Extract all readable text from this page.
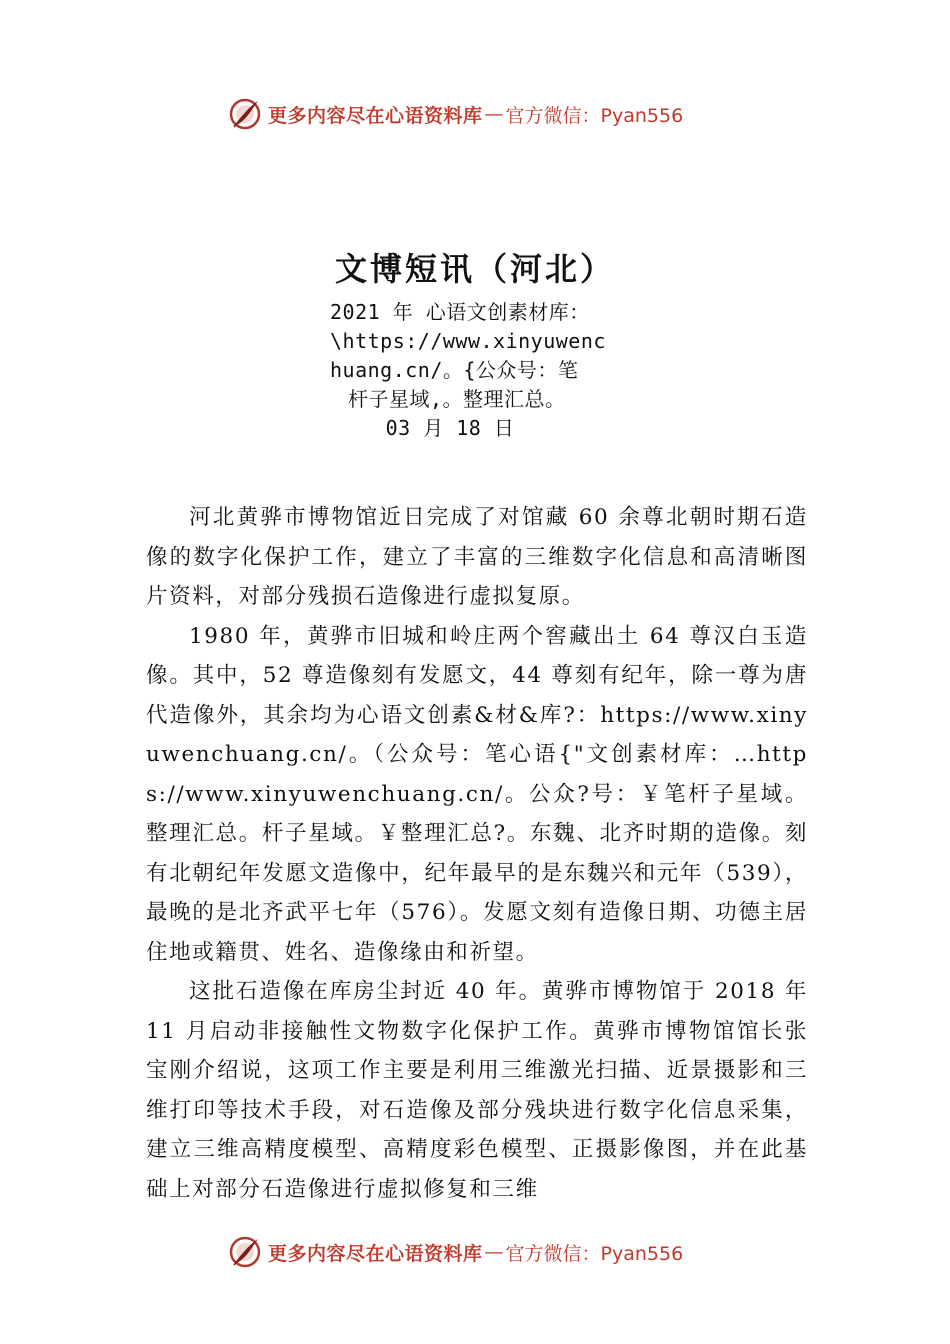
更多内容尽在心语资料库 — 官方微信：Pyan556
文博短讯（河北）
2021 年 心语文创素材库：
\https://www.xinyuwenc
huang.cn/。{公众号：笔
杆子星域,。整理汇总。
03 月 18 日

河北黄骅市博物馆近日完成了对馆藏 60 余尊北朝时期石造像的数字化保护工作，建立了丰富的三维数字化信息和高清晰图片资料，对部分残损石造像进行虚拟复原。

1980 年，黄骅市旧城和岭庄两个窖藏出土 64 尊汉白玉造像。其中，52 尊造像刻有发愿文，44 尊刻有纪年，除一尊为唐代造像外，其余均为心语文创素&材&库?：https://www.xinyuwenchuang.cn/。（公众号：笔心语{"文创素材库：…https://www.xinyuwenchuang.cn/。公众?号：￥笔杆子星域。整理汇总。杆子星域。￥整理汇总?。东魏、北齐时期的造像。刻有北朝纪年发愿文造像中，纪年最早的是东魏兴和元年（539），最晚的是北齐武平七年（576）。发愿文刻有造像日期、功德主居住地或籍贯、姓名、造像缘由和祈望。

这批石造像在库房尘封近 40 年。黄骅市博物馆于 2018 年 11 月启动非接触性文物数字化保护工作。黄骅市博物馆馆长张宝刚介绍说，这项工作主要是利用三维激光扫描、近景摄影和三维打印等技术手段，对石造像及部分残块进行数字化信息采集，建立三维高精度模型、高精度彩色模型、正摄影像图，并在此基础上对部分石造像进行虚拟修复和三维

更多内容尽在心语资料库 — 官方微信：Pyan556
